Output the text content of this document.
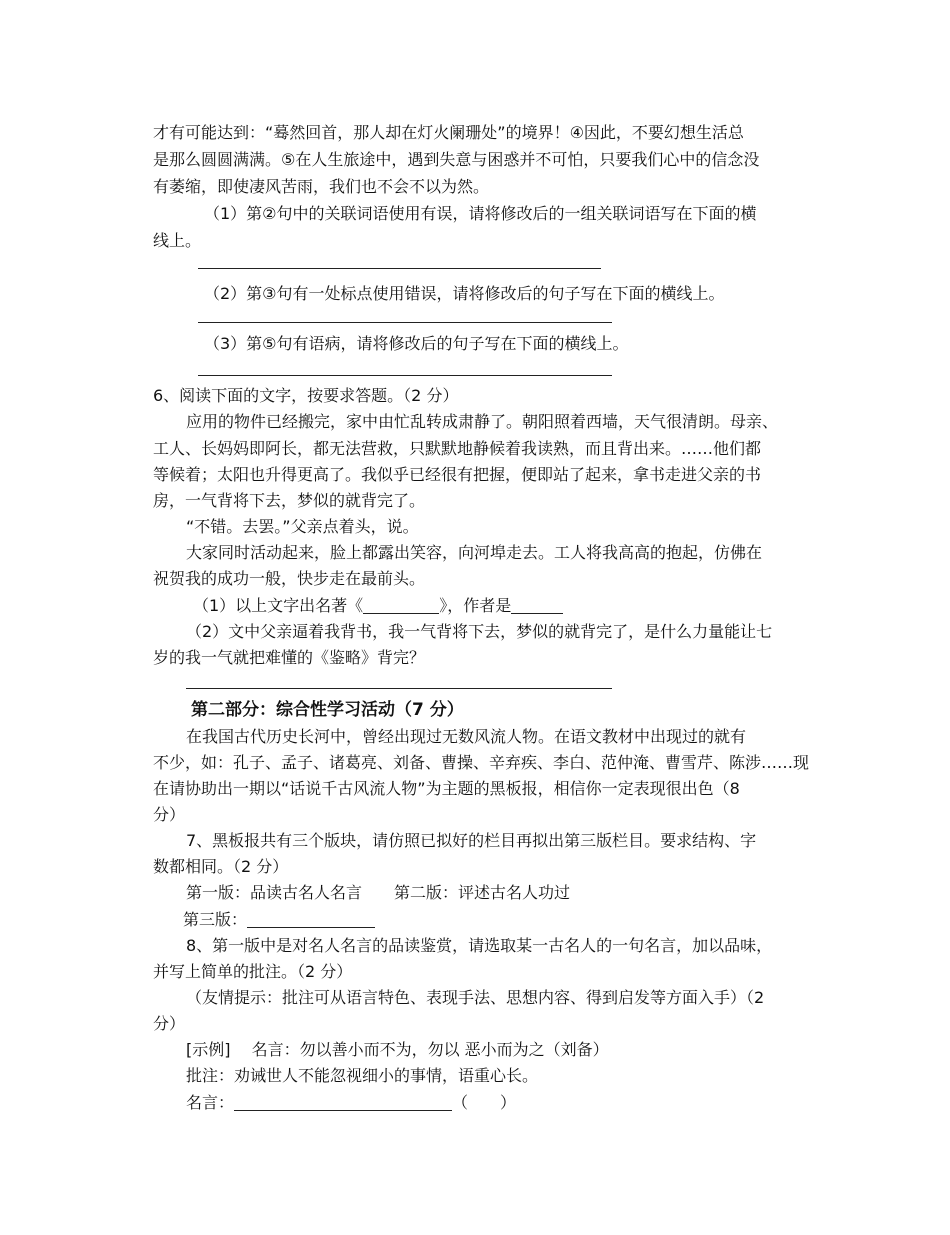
才有可能达到：“蓦然回首，那人却在灯火阑珊处”的境界！④因此，不要幻想生活总

是那么圆圆满满。⑤在人生旅途中，遇到失意与困惑并不可怕，只要我们心中的信念没

有萎缩，即使凄风苦雨，我们也不会不以为然。

（1）第②句中的关联词语使用有误，请将修改后的一组关联词语写在下面的横

线上。

（2）第③句有一处标点使用错误，请将修改后的句子写在下面的横线上。

（3）第⑤句有语病，请将修改后的句子写在下面的横线上。

6、阅读下面的文字，按要求答题。（2 分）

应用的物件已经搬完，家中由忙乱转成肃静了。朝阳照着西墙，天气很清朗。母亲、

工人、长妈妈即阿长，都无法营救，只默默地静候着我读熟，而且背出来。……他们都

等候着；太阳也升得更高了。我似乎已经很有把握，便即站了起来，拿书走进父亲的书

房，一气背将下去，梦似的就背完了。

“不错。去罢。”父亲点着头，说。

大家同时活动起来，脸上都露出笑容，向河埠走去。工人将我高高的抱起，仿佛在

祝贺我的成功一般，快步走在最前头。

（1）以上文字出名著《	》，作者是

（2）文中父亲逼着我背书，我一气背将下去，梦似的就背完了，是什么力量能让七

岁的我一气就把难懂的《鉴略》背完？

第二部分：综合性学习活动（7 分）

在我国古代历史长河中，曾经出现过无数风流人物。在语文教材中出现过的就有

不少，如：孔子、孟子、诸葛亮、刘备、曹操、辛弃疾、李白、范仲淹、曹雪芹、陈涉……现

在请协助出一期以“话说千古风流人物”为主题的黑板报，相信你一定表现很出色（8

分）

7、黑板报共有三个版块，请仿照已拟好的栏目再拟出第三版栏目。要求结构、字

数都相同。（2 分）

第一版：品读古名人名言　　第二版：评述古名人功过

第三版：

8、第一版中是对名人名言的品读鉴赏，请选取某一古名人的一句名言，加以品味，

并写上简单的批注。（2 分）

（友情提示：批注可从语言特色、表现手法、思想内容、得到启发等方面入手）（2

分）

[示例]　 名言：勿以善小而不为，勿以 恶小而为之（刘备）

批注：劝诫世人不能忽视细小的事情，语重心长。

名言：	（　　）
